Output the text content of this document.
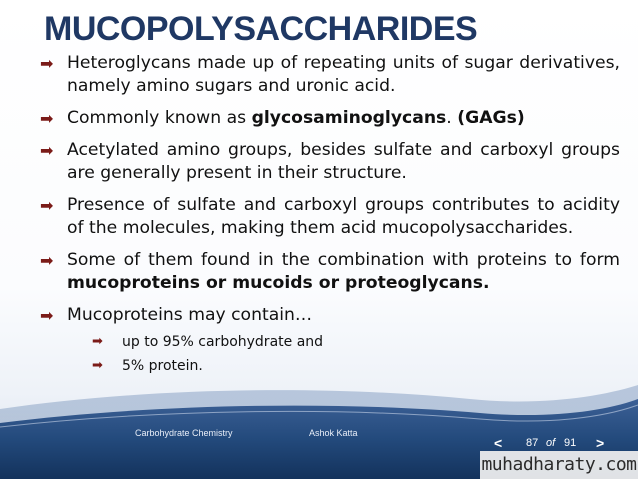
MUCOPOLYSACCHARIDES
➡ Heteroglycans made up of repeating units of sugar derivatives, namely amino sugars and uronic acid.
➡ Commonly known as glycosaminoglycans. (GAGs)
➡ Acetylated amino groups, besides sulfate and carboxyl groups are generally present in their structure.
➡ Presence of sulfate and carboxyl groups contributes to acidity of the molecules, making them acid mucopolysaccharides.
➡ Some of them found in the combination with proteins to form mucoproteins or mucoids or proteoglycans.
➡ Mucoproteins may contain…
➡ up to 95% carbohydrate and
➡ 5% protein.
Carbohydrate Chemistry	Ashok Katta
< 87 of 91 >
muhadharaty.com
